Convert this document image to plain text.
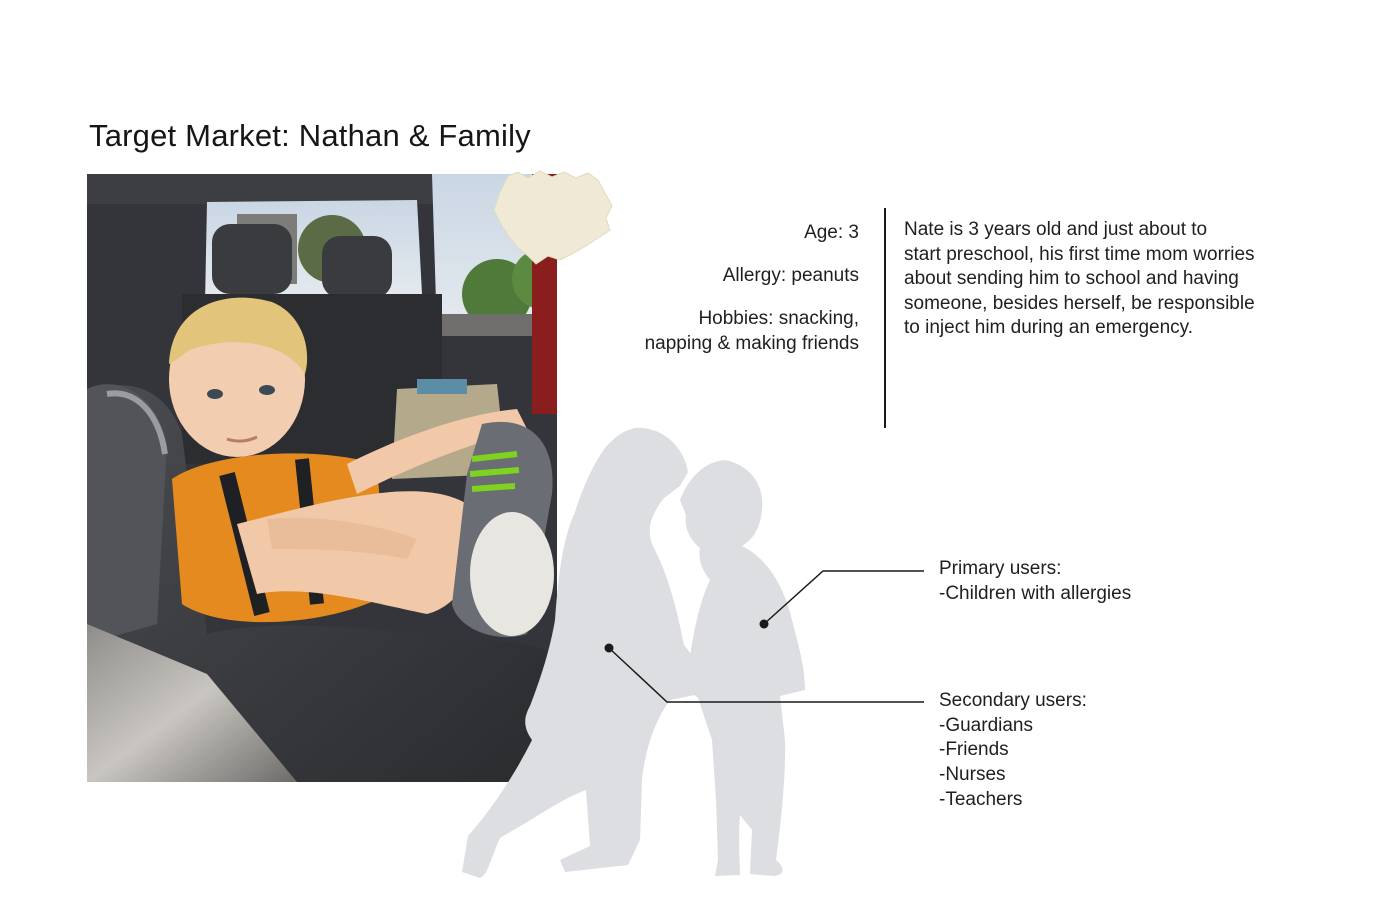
Target Market: Nathan & Family
Age: 3
Allergy: peanuts
Hobbies: snacking,
napping & making friends
Nate is 3 years old and just about to
start preschool, his first time mom worries
about sending him to school and having
someone, besides herself, be responsible
to inject him during an emergency.
Primary users:
-Children with allergies
Secondary users:
-Guardians
-Friends
-Nurses
-Teachers
